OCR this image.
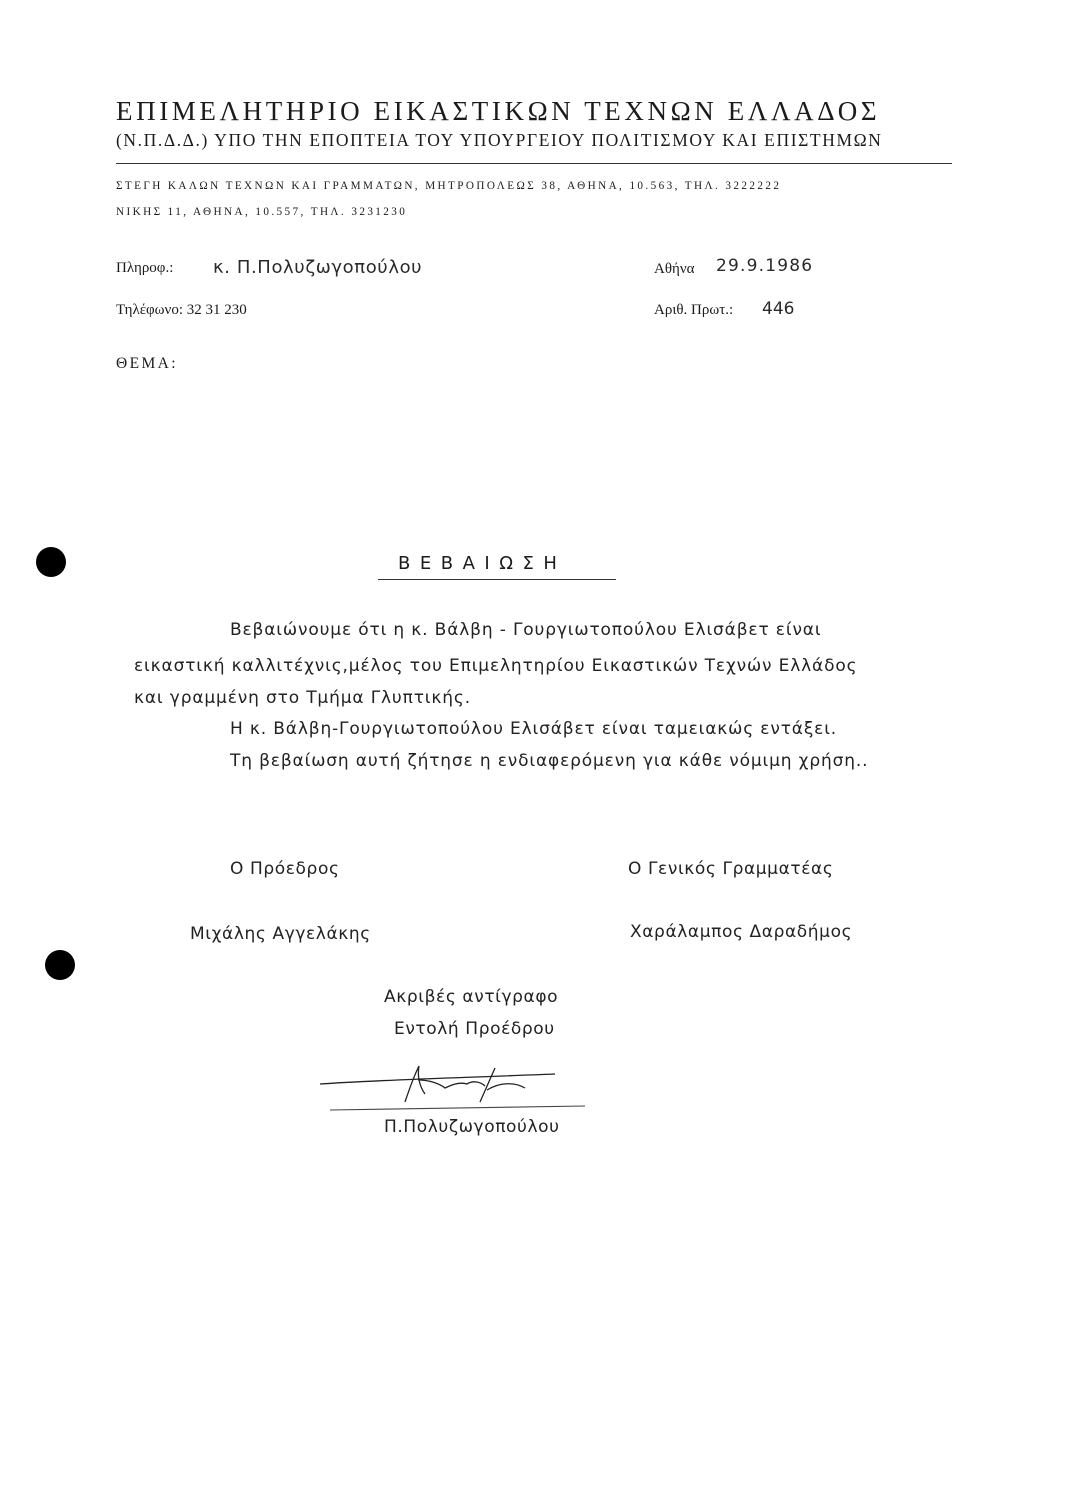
ΕΠΙΜΕΛΗΤΗΡΙΟ ΕΙΚΑΣΤΙΚΩΝ ΤΕΧΝΩΝ ΕΛΛΑΔΟΣ
(Ν.Π.Δ.Δ.) ΥΠΟ ΤΗΝ ΕΠΟΠΤΕΙΑ ΤΟΥ ΥΠΟΥΡΓΕΙΟΥ ΠΟΛΙΤΙΣΜΟΥ ΚΑΙ ΕΠΙΣΤΗΜΩΝ
ΣΤΕΓΗ ΚΑΛΩΝ ΤΕΧΝΩΝ ΚΑΙ ΓΡΑΜΜΑΤΩΝ, ΜΗΤΡΟΠΟΛΕΩΣ 38, ΑΘΗΝΑ, 10.563, ΤΗΛ. 3222222
ΝΙΚΗΣ 11, ΑΘΗΝΑ, 10.557, ΤΗΛ. 3231230
Πληροφ.: κ. Π.Πολυζωγοπούλου
Τηλέφωνο: 32 31 230
Αθήνα 29.9.1986
Αριθ. Πρωτ.: 446
ΘΕΜΑ:
ΒΕΒΑΙΩΣΗ
Βεβαιώνουμε ότι η κ. Βάλβη - Γουργιωτοπούλου Ελισάβετ είναι
εικαστική καλλιτέχνις,μέλος του Επιμελητηρίου Εικαστικών Τεχνών Ελλάδος
και γραμμένη στο Τμήμα Γλυπτικής.
Η κ. Βάλβη-Γουργιωτοπούλου Ελισάβετ είναι ταμειακώς εντάξει.
Τη βεβαίωση αυτή ζήτησε η ενδιαφερόμενη για κάθε νόμιμη χρήση..
Ο Πρόεδρος	Ο Γενικός Γραμματέας
Μιχάλης Αγγελάκης	Χαράλαμπος Δαραδήμος
Ακριβές αντίγραφο
Εντολή Προέδρου
Π.Πολυζωγοπούλου
